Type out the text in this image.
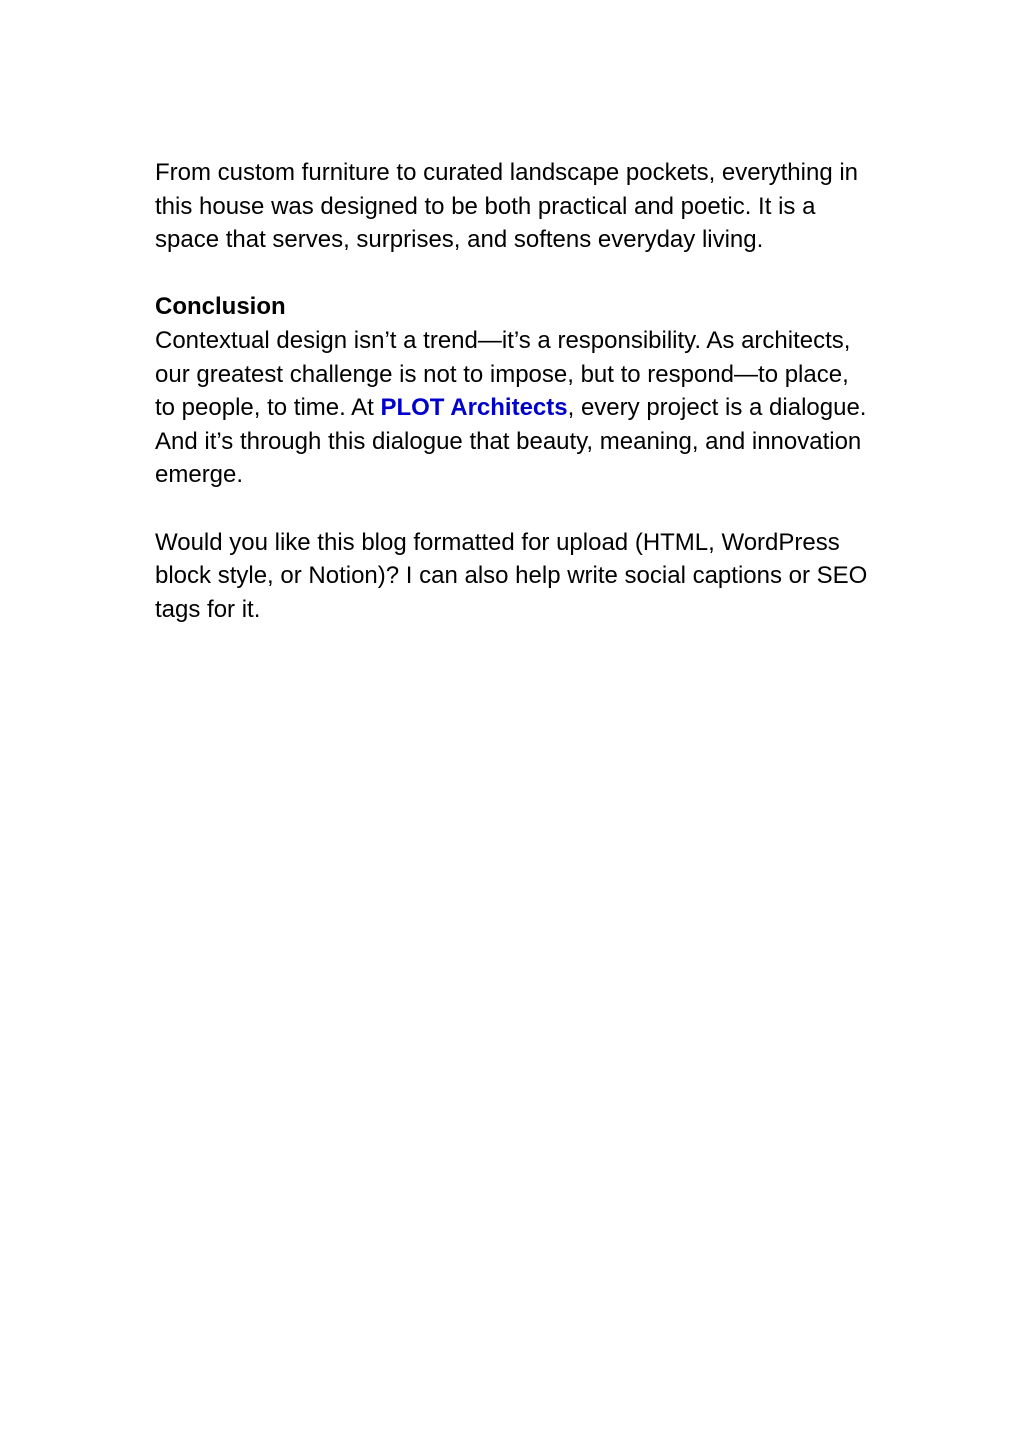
From custom furniture to curated landscape pockets, everything in this house was designed to be both practical and poetic. It is a space that serves, surprises, and softens everyday living.

Conclusion
Contextual design isn’t a trend—it’s a responsibility. As architects, our greatest challenge is not to impose, but to respond—to place, to people, to time. At PLOT Architects, every project is a dialogue. And it’s through this dialogue that beauty, meaning, and innovation emerge.

Would you like this blog formatted for upload (HTML, WordPress block style, or Notion)? I can also help write social captions or SEO tags for it.
